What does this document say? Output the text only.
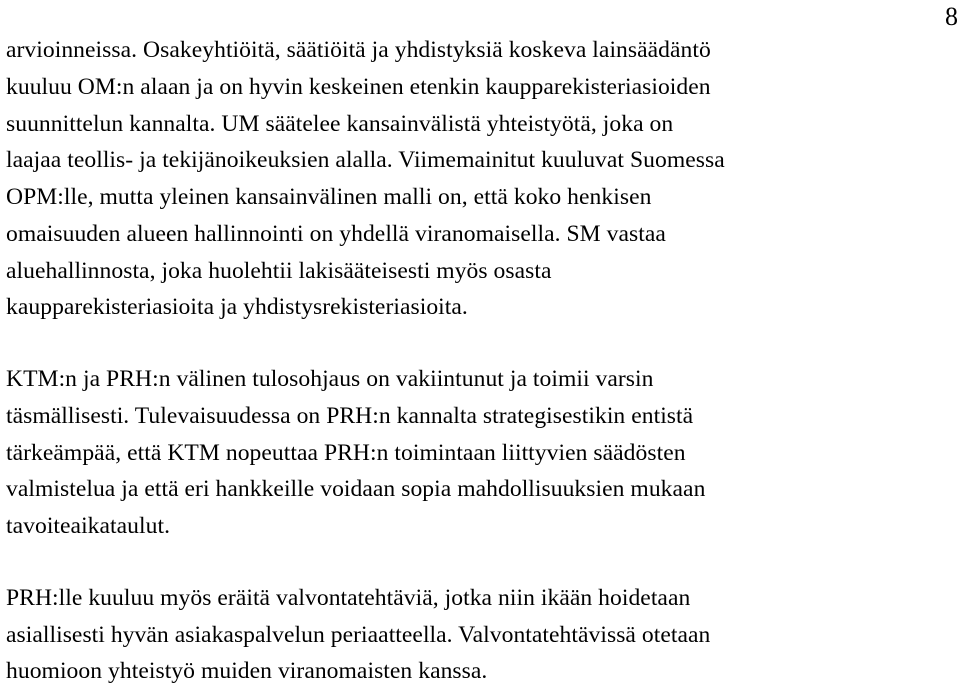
8

arvioinneissa. Osakeyhtiöitä, säätiöitä ja yhdistyksiä koskeva lainsäädäntö
kuuluu OM:n alaan ja on hyvin keskeinen etenkin kaupparekisteriasioiden
suunnittelun kannalta. UM säätelee kansainvälistä yhteistyötä, joka on
laajaa teollis- ja tekijänoikeuksien alalla. Viimemainitut kuuluvat Suomessa
OPM:lle, mutta yleinen kansainvälinen malli on, että koko henkisen
omaisuuden alueen hallinnointi on yhdellä viranomaisella. SM vastaa
aluehallinnosta, joka huolehtii lakisääteisesti myös osasta
kaupparekisteriasioita ja yhdistysrekisteriasioita.

KTM:n ja PRH:n välinen tulosohjaus on vakiintunut ja toimii varsin
täsmällisesti. Tulevaisuudessa on PRH:n kannalta strategisestikin entistä
tärkeämpää, että KTM nopeuttaa PRH:n toimintaan liittyvien säädösten
valmistelua ja että eri hankkeille voidaan sopia mahdollisuuksien mukaan
tavoiteaikataulut.

PRH:lle kuuluu myös eräitä valvontatehtäviä, jotka niin ikään hoidetaan
asiallisesti hyvän asiakaspalvelun periaatteella. Valvontatehtävissä otetaan
huomioon yhteistyö muiden viranomaisten kanssa.
